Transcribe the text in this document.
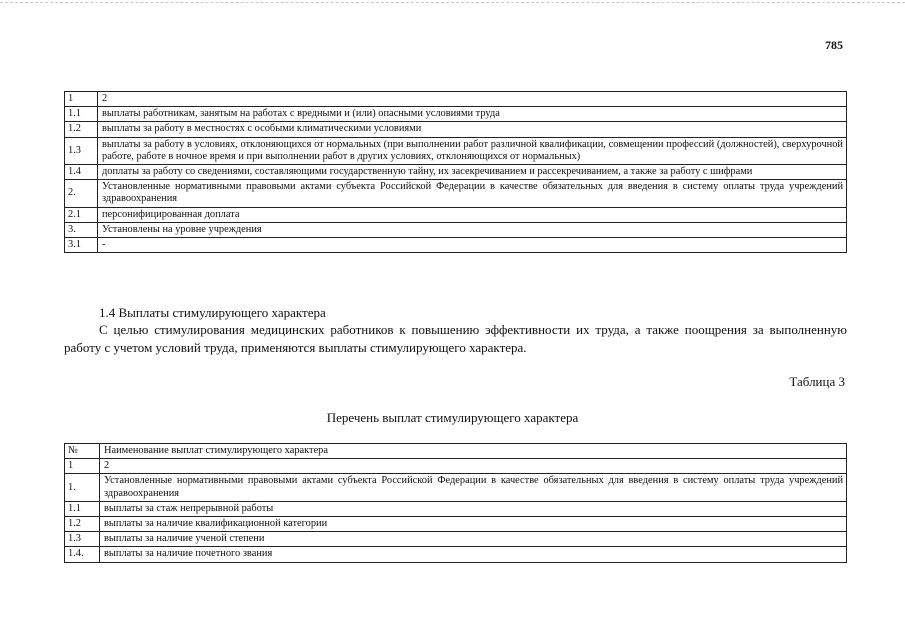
785
1	2
1.1	выплаты работникам, занятым на работах с вредными и (или) опасными условиями труда
1.2	выплаты за работу в местностях с особыми климатическими условиями
1.3	выплаты за работу в условиях, отклоняющихся от нормальных (при выполнении работ различной квалификации, совмещении профессий (должностей), сверхурочной работе, работе в ночное время и при выполнении работ в других условиях, отклоняющихся от нормальных)
1.4	доплаты за работу со сведениями, составляющими государственную тайну, их засекречиванием и рассекречиванием, а также за работу с шифрами
2.	Установленные нормативными правовыми актами субъекта Российской Федерации в качестве обязательных для введения в систему оплаты труда учреждений здравоохранения
2.1	персонифицированная доплата
3.	Установлены на уровне учреждения
3.1	-
1.4 Выплаты стимулирующего характера
С целью стимулирования медицинских работников к повышению эффективности их труда, а также поощрения за выполненную работу с учетом условий труда, применяются выплаты стимулирующего характера.
Таблица 3
Перечень выплат стимулирующего характера
№	Наименование выплат стимулирующего характера
1	2
1.	Установленные нормативными правовыми актами субъекта Российской Федерации в качестве обязательных для введения в систему оплаты труда учреждений здравоохранения
1.1	выплаты за стаж непрерывной работы
1.2	выплаты за наличие квалификационной категории
1.3	выплаты за наличие ученой степени
1.4.	выплаты за наличие почетного звания
